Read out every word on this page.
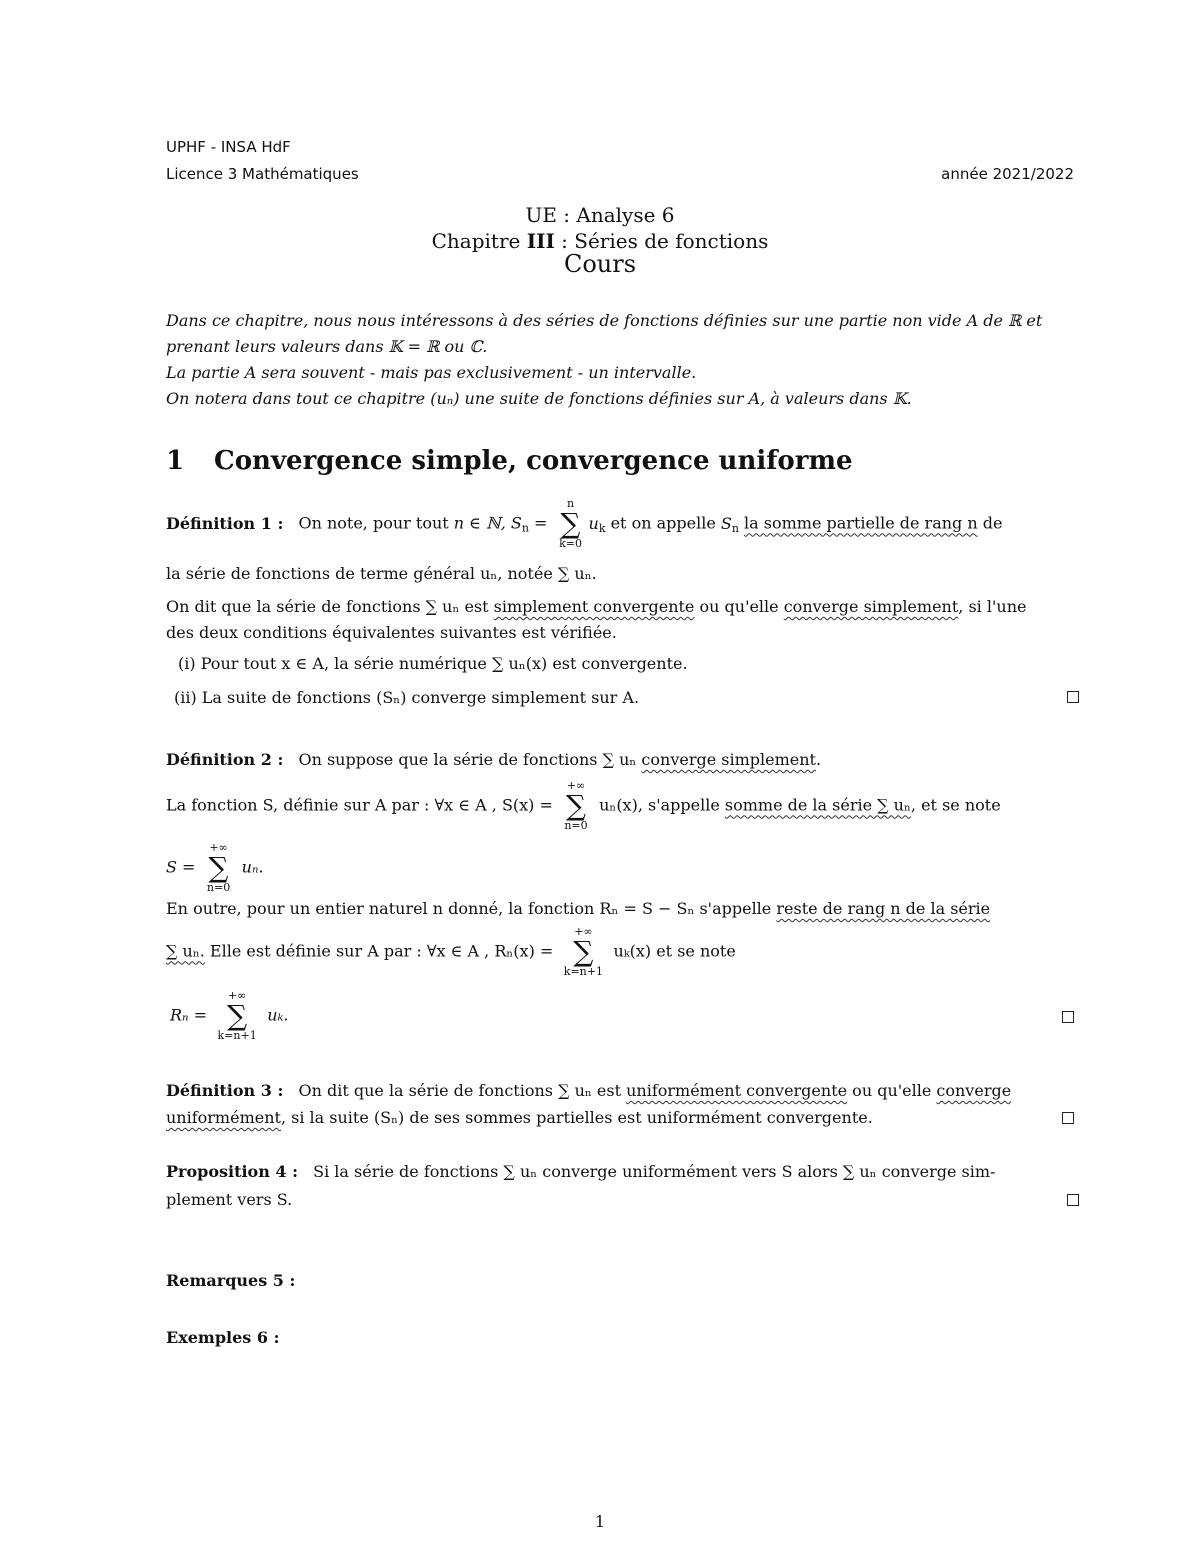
UPHF - INSA HdF
Licence 3 Mathématiques	année 2021/2022
UE : Analyse 6
Chapitre III : Séries de fonctions
Cours
Dans ce chapitre, nous nous intéressons à des séries de fonctions définies sur une partie non vide A de ℝ et
prenant leurs valeurs dans 𝕂 = ℝ ou ℂ.
La partie A sera souvent - mais pas exclusivement - un intervalle.
On notera dans tout ce chapitre (uₙ) une suite de fonctions définies sur A, à valeurs dans 𝕂.
1 Convergence simple, convergence uniforme
Définition 1 : On note, pour tout n ∈ ℕ, $S_n$ =
n
∑
k=0
$u_k$ et on appelle $S_n$ la somme partielle de rang n de
la série de fonctions de terme général uₙ, notée ∑ uₙ.
On dit que la série de fonctions ∑ uₙ est simplement convergente ou qu'elle converge simplement, si l'une
des deux conditions équivalentes suivantes est vérifiée.
(i) Pour tout x ∈ A, la série numérique ∑ uₙ(x) est convergente.
(ii) La suite de fonctions (Sₙ) converge simplement sur A.
Définition 2 : On suppose que la série de fonctions ∑ uₙ converge simplement.
La fonction S, définie sur A par : ∀x ∈ A , S(x) =
+∞
∑
n=0
uₙ(x), s'appelle somme de la série ∑ uₙ, et se note
S =
+∞
∑
n=0
uₙ.
En outre, pour un entier naturel n donné, la fonction Rₙ = S − Sₙ s'appelle reste de rang n de la série
∑ uₙ. Elle est définie sur A par : ∀x ∈ A , Rₙ(x) =
+∞
∑
k=n+1
uₖ(x) et se note
Rₙ =
+∞
∑
k=n+1
uₖ.
Définition 3 : On dit que la série de fonctions ∑ uₙ est uniformément convergente ou qu'elle converge
uniformément, si la suite (Sₙ) de ses sommes partielles est uniformément convergente.
Proposition 4 : Si la série de fonctions ∑ uₙ converge uniformément vers S alors ∑ uₙ converge sim-
plement vers S.
Remarques 5 :
Exemples 6 :
1
